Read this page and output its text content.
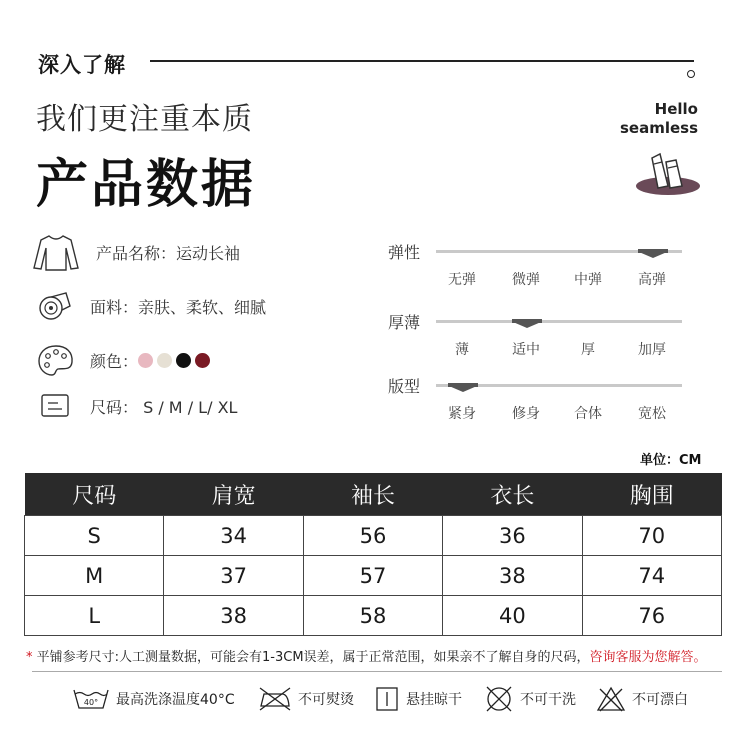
深入了解
我们更注重本质
产品数据
Hello
seamless
产品名称：运动长袖
面料：亲肤、柔软、细腻
颜色：
尺码： S / M / L/ XL
弹性
无弹	微弹	中弹	高弹
厚薄
薄	适中	厚	加厚
版型
紧身	修身	合体	宽松
单位：CM
尺码	肩宽	袖长	衣长	胸围
S	34	56	36	70
M	37	57	38	74
L	38	58	40	76
* 平铺参考尺寸:人工测量数据，可能会有1-3CM误差，属于正常范围，如果亲不了解自身的尺码，咨询客服为您解答。
40° 最高洗涤温度40°C	不可熨烫	悬挂晾干	不可干洗	不可漂白
